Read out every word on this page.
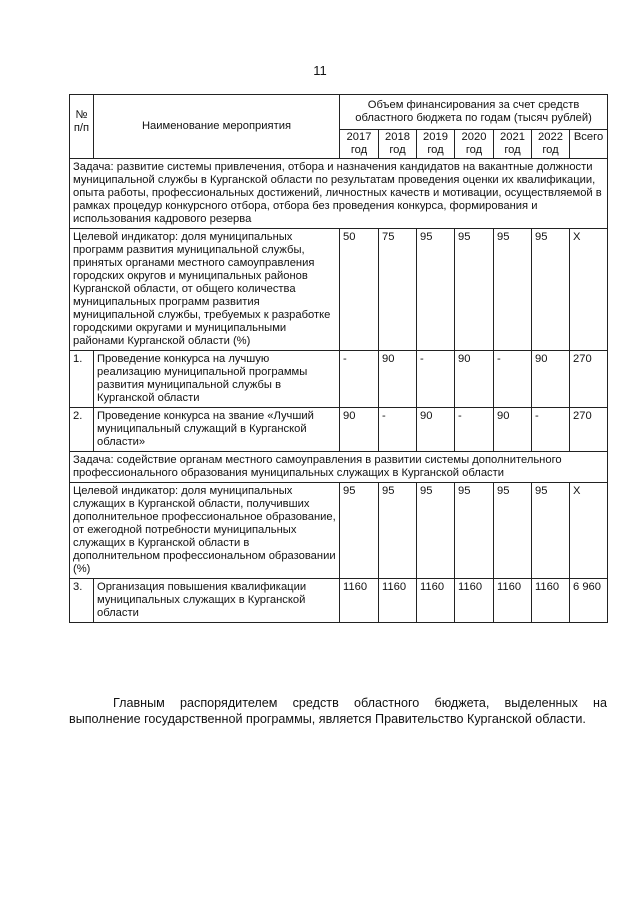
11
№ п/п	Наименование мероприятия	Объем финансирования за счет средств областного бюджета по годам (тысяч рублей)						
		2017 год	2018 год	2019 год	2020 год	2021 год	2022 год	Всего
Задача: развитие системы привлечения, отбора и назначения кандидатов на вакантные должности муниципальной службы в Курганской области по результатам проведения оценки их квалификации, опыта работы, профессиональных достижений, личностных качеств и мотивации, осуществляемой в рамках процедур конкурсного отбора, отбора без проведения конкурса, формирования и использования кадрового резерва								
Целевой индикатор: доля муниципальных программ развития муниципальной службы, принятых органами местного самоуправления городских округов и муниципальных районов Курганской области, от общего количества муниципальных программ развития муниципальной службы, требуемых к разработке городскими округами и муниципальными районами Курганской области (%)		50	75	95	95	95	95	Х
1.	Проведение конкурса на лучшую реализацию муниципальной программы развития муниципальной службы в Курганской области	-	90	-	90	-	90	270
2.	Проведение конкурса на звание «Лучший муниципальный служащий в Курганской области»	90	-	90	-	90	-	270
Задача: содействие органам местного самоуправления в развитии системы дополнительного профессионального образования муниципальных служащих в Курганской области								
Целевой индикатор: доля муниципальных служащих в Курганской области, получивших дополнительное профессиональное образование, от ежегодной потребности муниципальных служащих в Курганской области в дополнительном профессиональном образовании (%)		95	95	95	95	95	95	Х
3.	Организация повышения квалификации муниципальных служащих в Курганской области	1160	1160	1160	1160	1160	1160	6 960

Главным распорядителем средств областного бюджета, выделенных на выполнение государственной программы, является Правительство Курганской области.
